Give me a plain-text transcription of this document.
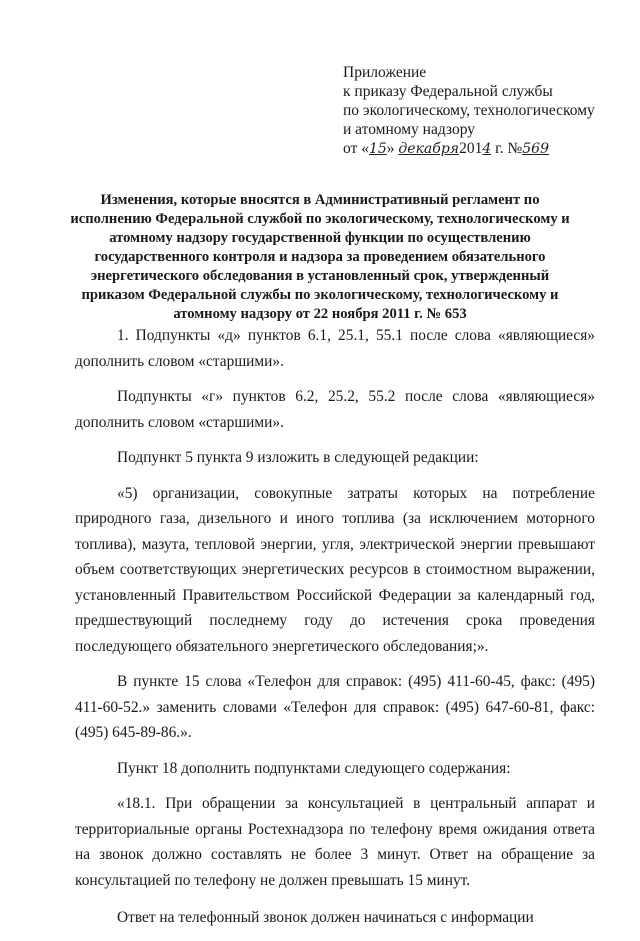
Приложение
к приказу Федеральной службы
по экологическому, технологическому
и атомному надзору
от «15» декабря2014 г. №569
Изменения, которые вносятся в Административный регламент по исполнению Федеральной службой по экологическому, технологическому и атомному надзору государственной функции по осуществлению государственного контроля и надзора за проведением обязательного энергетического обследования в установленный срок, утвержденный приказом Федеральной службы по экологическому, технологическому и атомному надзору от 22 ноября 2011 г. № 653

1. Подпункты «д» пунктов 6.1, 25.1, 55.1 после слова «являющиеся» дополнить словом «старшими».

Подпункты «г» пунктов 6.2, 25.2, 55.2 после слова «являющиеся» дополнить словом «старшими».

Подпункт 5 пункта 9 изложить в следующей редакции:

«5) организации, совокупные затраты которых на потребление природного газа, дизельного и иного топлива (за исключением моторного топлива), мазута, тепловой энергии, угля, электрической энергии превышают объем соответствующих энергетических ресурсов в стоимостном выражении, установленный Правительством Российской Федерации за календарный год, предшествующий последнему году до истечения срока проведения последующего обязательного энергетического обследования;».

В пункте 15 слова «Телефон для справок: (495) 411-60-45, факс: (495) 411-60-52.» заменить словами «Телефон для справок: (495) 647-60-81, факс: (495) 645-89-86.».

Пункт 18 дополнить подпунктами следующего содержания:

«18.1. При обращении за консультацией в центральный аппарат и территориальные органы Ростехнадзора по телефону время ожидания ответа на звонок должно составлять не более 3 минут. Ответ на обращение за консультацией по телефону не должен превышать 15 минут.

Ответ на телефонный звонок должен начинаться с информации
